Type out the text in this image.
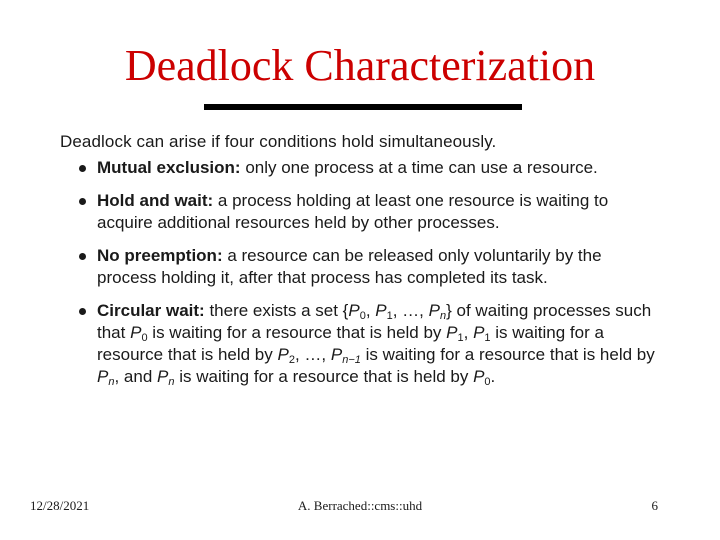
Deadlock Characterization

Deadlock can arise if four conditions hold simultaneously.

Mutual exclusion: only one process at a time can use a resource.
Hold and wait: a process holding at least one resource is waiting to acquire additional resources held by other processes.
No preemption: a resource can be released only voluntarily by the process holding it, after that process has completed its task.
Circular wait: there exists a set {$P_0$, $P_1$, …, $P_n$} of waiting processes such that $P_0$ is waiting for a resource that is held by $P_1$, $P_1$ is waiting for a resource that is held by $P_2$, …, $P_{n-1}$ is waiting for a resource that is held by $P_n$, and $P_n$ is waiting for a resource that is held by $P_0$.
12/28/2021	A. Berrached::cms::uhd	6
